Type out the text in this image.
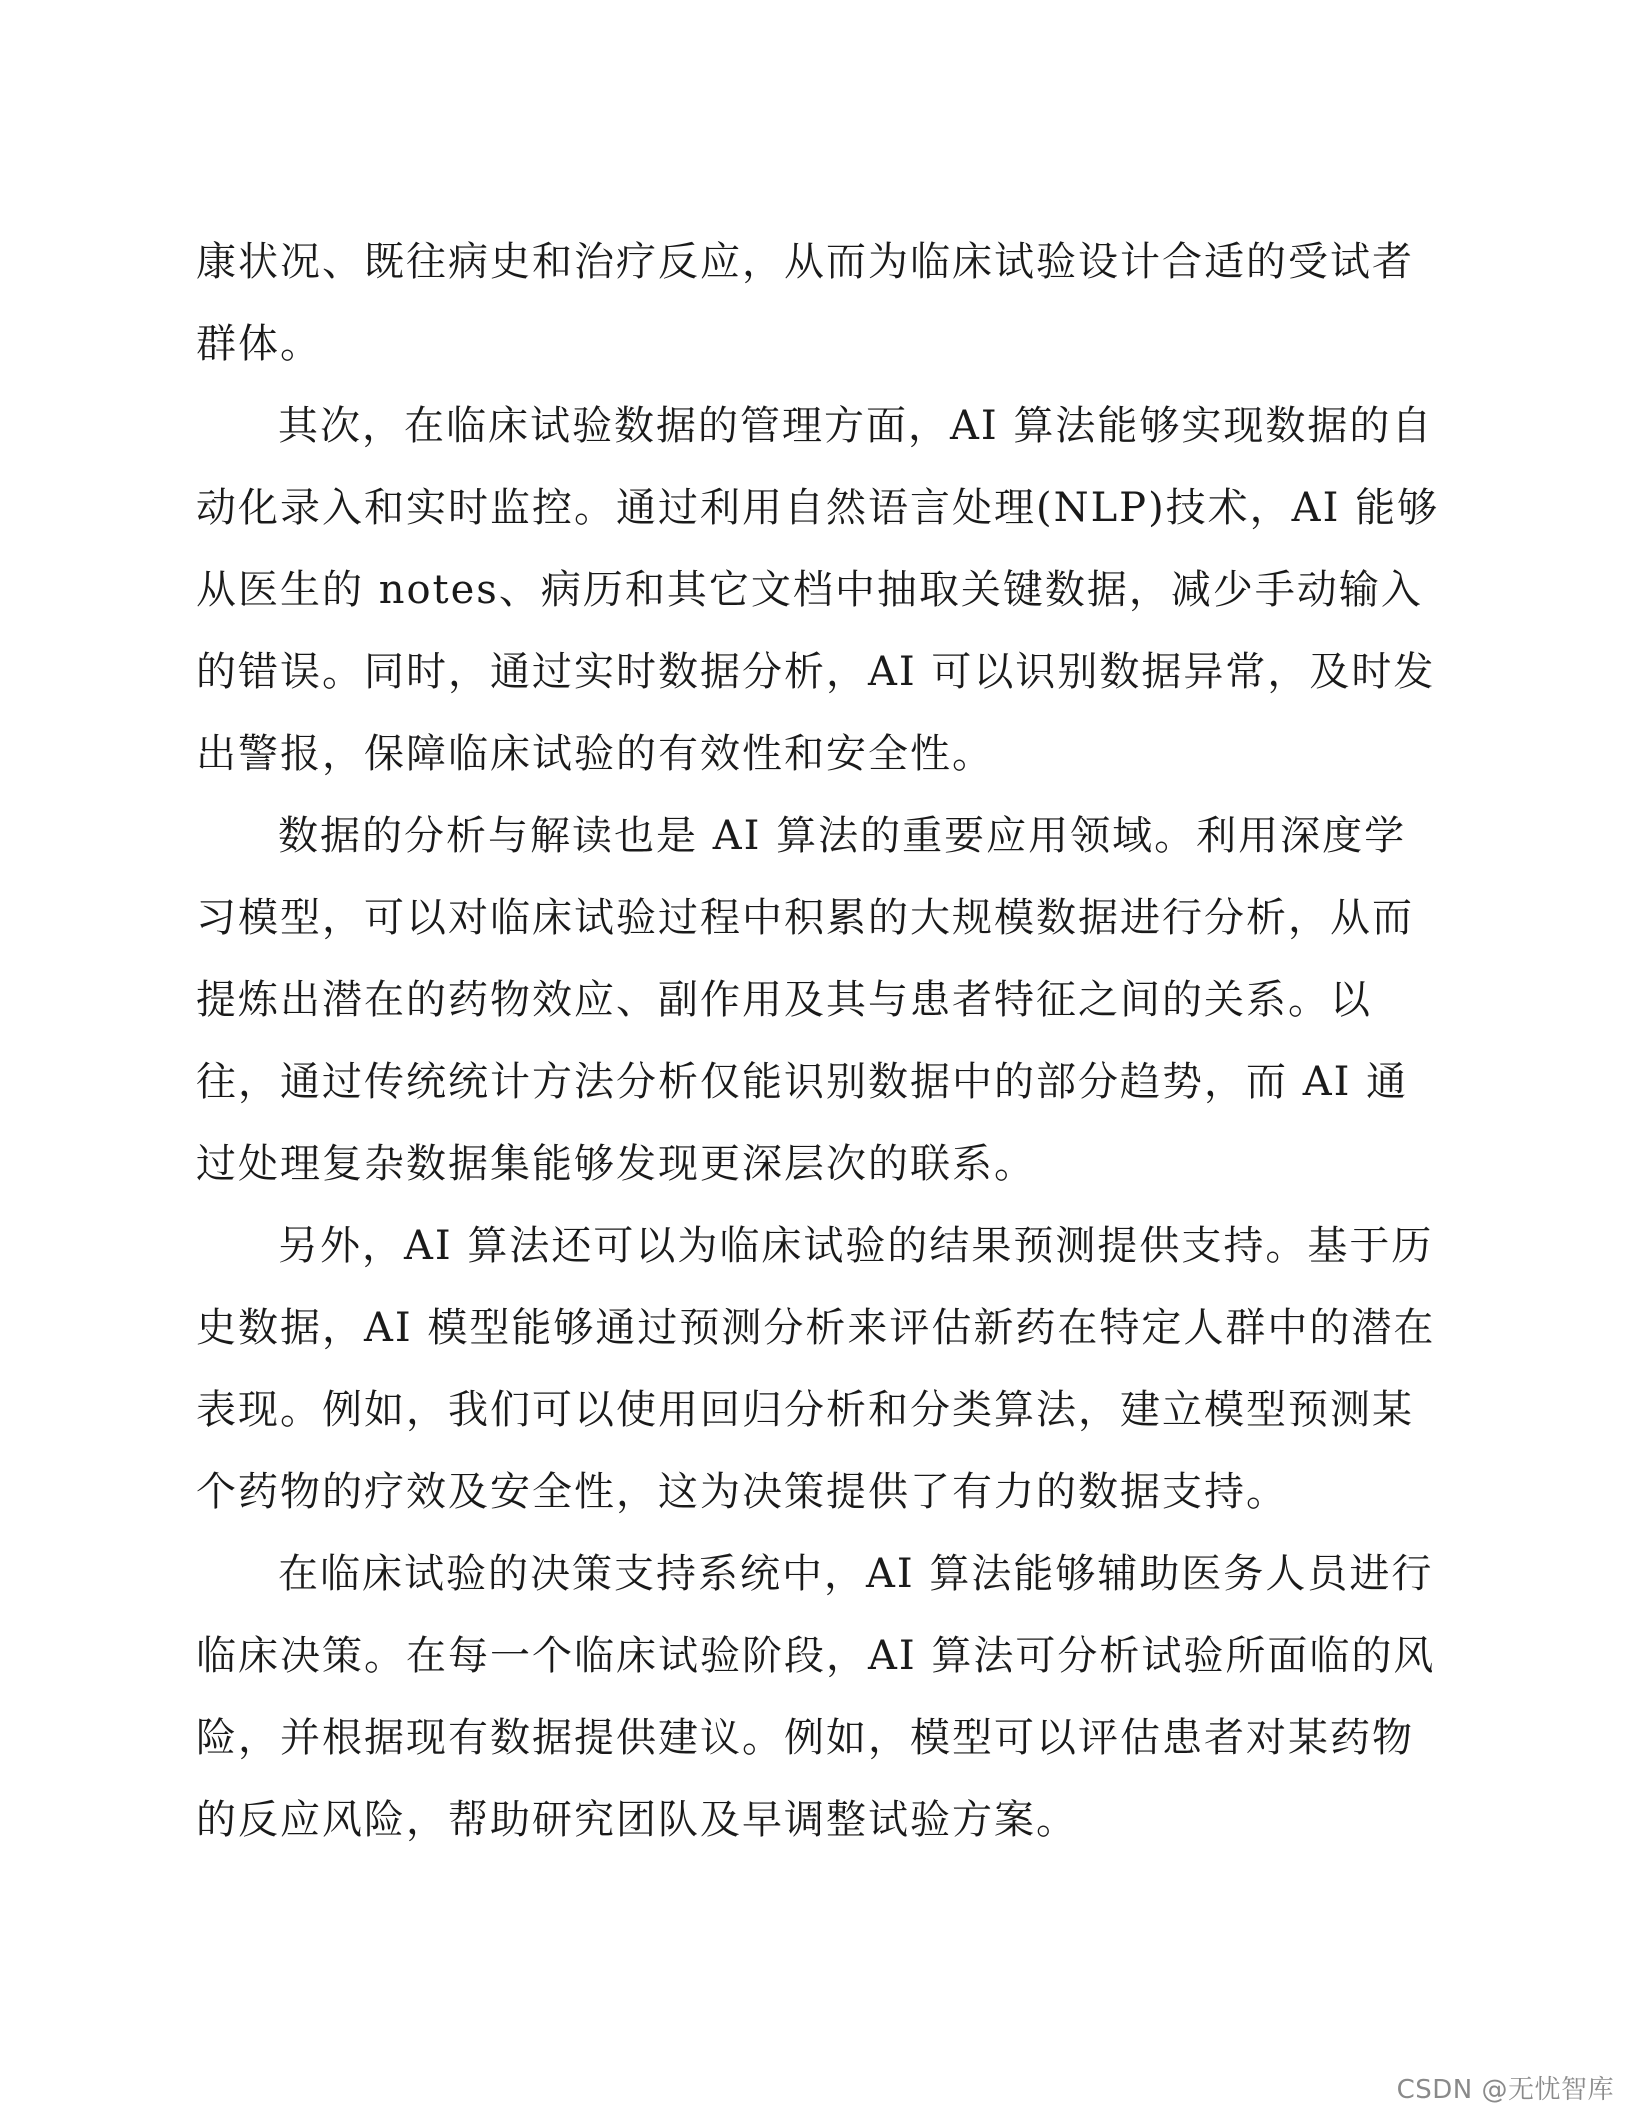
康状况、既往病史和治疗反应，从而为临床试验设计合适的受试者
群体。
其次，在临床试验数据的管理方面，AI 算法能够实现数据的自
动化录入和实时监控。通过利用自然语言处理(NLP)技术，AI 能够
从医生的 notes、病历和其它文档中抽取关键数据，减少手动输入
的错误。同时，通过实时数据分析，AI 可以识别数据异常，及时发
出警报，保障临床试验的有效性和安全性。
数据的分析与解读也是 AI 算法的重要应用领域。利用深度学
习模型，可以对临床试验过程中积累的大规模数据进行分析，从而
提炼出潜在的药物效应、副作用及其与患者特征之间的关系。以
往，通过传统统计方法分析仅能识别数据中的部分趋势，而 AI 通
过处理复杂数据集能够发现更深层次的联系。
另外，AI 算法还可以为临床试验的结果预测提供支持。基于历
史数据，AI 模型能够通过预测分析来评估新药在特定人群中的潜在
表现。例如，我们可以使用回归分析和分类算法，建立模型预测某
个药物的疗效及安全性，这为决策提供了有力的数据支持。
在临床试验的决策支持系统中，AI 算法能够辅助医务人员进行
临床决策。在每一个临床试验阶段，AI 算法可分析试验所面临的风
险，并根据现有数据提供建议。例如，模型可以评估患者对某药物
的反应风险，帮助研究团队及早调整试验方案。
CSDN @无忧智库
